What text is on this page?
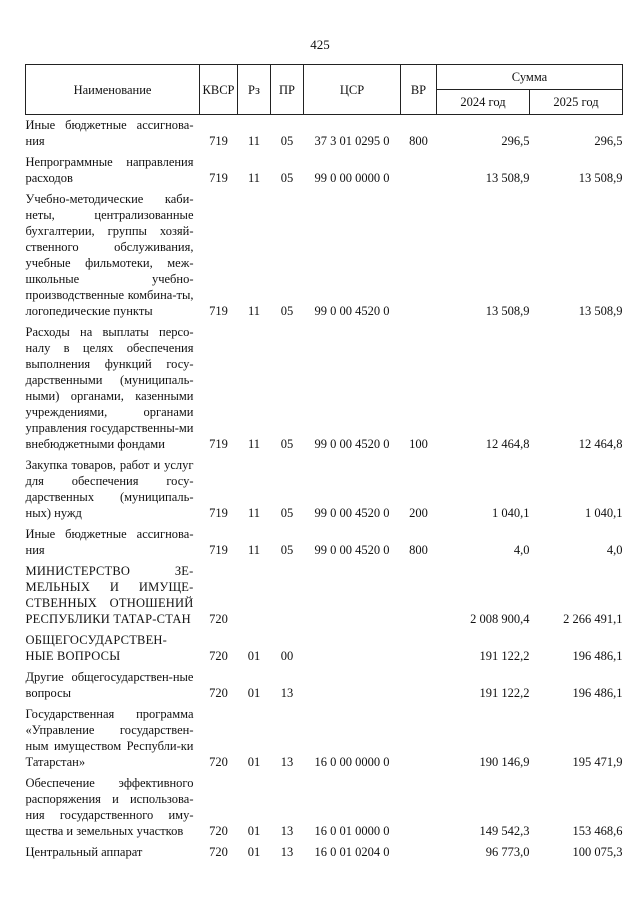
425
Наименование	КВСР	Рз	ПР	ЦСР	ВР	Сумма	
						2024 год	2025 год
Иные бюджетные ассигнова-ния	719	11	05	37 3 01 0295 0	800	296,5	296,5
Непрограммные направления расходов	719	11	05	99 0 00 0000 0		13 508,9	13 508,9
Учебно-методические каби-неты, централизованные бухгалтерии, группы хозяй-ственного обслуживания, учебные фильмотеки, меж-школьные учебно-производственные комбина-ты, логопедические пункты	719	11	05	99 0 00 4520 0		13 508,9	13 508,9
Расходы на выплаты персо-налу в целях обеспечения выполнения функций госу-дарственными (муниципаль-ными) органами, казенными учреждениями, органами управления государственны-ми внебюджетными фондами	719	11	05	99 0 00 4520 0	100	12 464,8	12 464,8
Закупка товаров, работ и услуг для обеспечения госу-дарственных (муниципаль-ных) нужд	719	11	05	99 0 00 4520 0	200	1 040,1	1 040,1
Иные бюджетные ассигнова-ния	719	11	05	99 0 00 4520 0	800	4,0	4,0
МИНИСТЕРСТВО ЗЕ-МЕЛЬНЫХ И ИМУЩЕ-СТВЕННЫХ ОТНОШЕНИЙ РЕСПУБЛИКИ ТАТАР-СТАН	720					2 008 900,4	2 266 491,1
ОБЩЕГОСУДАРСТВЕН-НЫЕ ВОПРОСЫ	720	01	00			191 122,2	196 486,1
Другие общегосударствен-ные вопросы	720	01	13			191 122,2	196 486,1
Государственная программа «Управление государствен-ным имуществом Республи-ки Татарстан»	720	01	13	16 0 00 0000 0		190 146,9	195 471,9
Обеспечение эффективного распоряжения и использова-ния государственного иму-щества и земельных участков	720	01	13	16 0 01 0000 0		149 542,3	153 468,6
Центральный аппарат	720	01	13	16 0 01 0204 0		96 773,0	100 075,3
